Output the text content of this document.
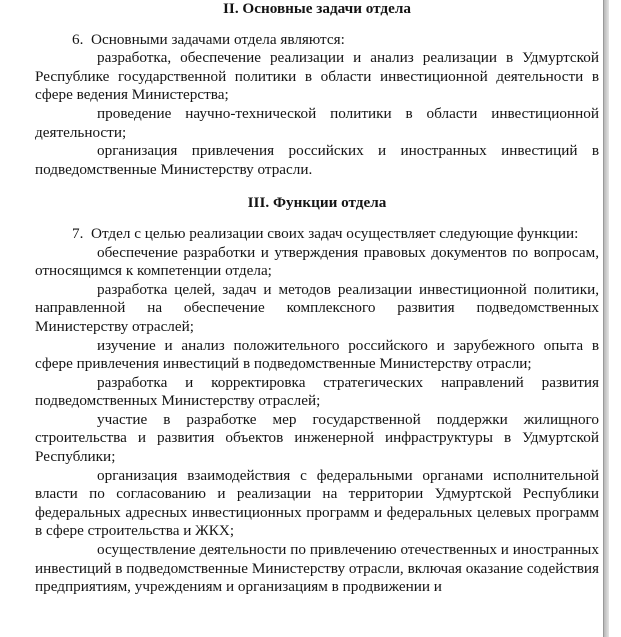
II. Основные задачи отдела

6.  Основными задачами отдела являются:

разработка, обеспечение реализации и анализ реализации в Удмуртской Республике государственной политики в области инвестиционной деятельности в сфере ведения Министерства;

проведение научно-технической политики в области инвестиционной деятельности;

организация привлечения российских и иностранных инвестиций в подведомственные Министерству отрасли.

III. Функции отдела

7.  Отдел с целью реализации своих задач осуществляет следующие функции:

обеспечение разработки и утверждения правовых документов по вопросам, относящимся к компетенции отдела;

разработка целей, задач и методов реализации инвестиционной политики, направленной на обеспечение комплексного развития подведомственных Министерству отраслей;

изучение и анализ положительного российского и зарубежного опыта в сфере привлечения инвестиций в подведомственные Министерству отрасли;

разработка и корректировка стратегических направлений развития подведомственных Министерству отраслей;

участие в разработке мер государственной поддержки жилищного строительства и развития объектов инженерной инфраструктуры в Удмуртской Республики;

организация взаимодействия с федеральными органами исполнительной власти по согласованию и реализации на территории Удмуртской Республики федеральных адресных инвестиционных программ и федеральных целевых программ в сфере строительства и ЖКХ;

осуществление деятельности по привлечению отечественных и иностранных инвестиций в подведомственные Министерству отрасли, включая оказание содействия предприятиям, учреждениям и организациям в продвижении и
